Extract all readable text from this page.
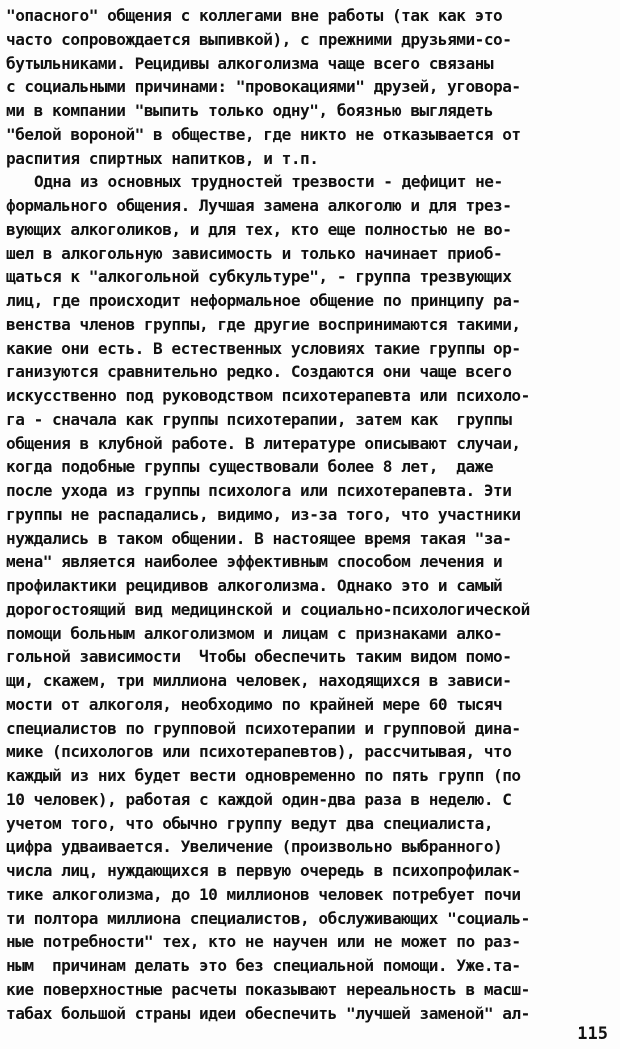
"опасного" общения с коллегами вне работы (так как это
часто сопровождается выпивкой), с прежними друзьями-со-
бутыльниками. Рецидивы алкоголизма чаще всего связаны
с социальными причинами: "провокациями" друзей, уговора-
ми в компании "выпить только одну", боязнью выглядеть
"белой вороной" в обществе, где никто не отказывается от
распития спиртных напитков, и т.п.
Одна из основных трудностей трезвости - дефицит не-
формального общения. Лучшая замена алкоголю и для трез-
вующих алкоголиков, и для тех, кто еще полностью не во-
шел в алкогольную зависимость и только начинает приоб-
щаться к "алкогольной субкультуре", - группа трезвующих
лиц, где происходит неформальное общение по принципу ра-
венства членов группы, где другие воспринимаются такими,
какие они есть. В естественных условиях такие группы ор-
ганизуются сравнительно редко. Создаются они чаще всего
искусственно под руководством психотерапевта или психоло-
га - сначала как группы психотерапии, затем как  группы
общения в клубной работе. В литературе описывают случаи,
когда подобные группы существовали более 8 лет,  даже
после ухода из группы психолога или психотерапевта. Эти
группы не распадались, видимо, из-за того, что участники
нуждались в таком общении. В настоящее время такая "за-
мена" является наиболее эффективным способом лечения и
профилактики рецидивов алкоголизма. Однако это и самый
дорогостоящий вид медицинской и социально-психологической
помощи больным алкоголизмом и лицам с признаками алко-
гольной зависимости  Чтобы обеспечить таким видом помо-
щи, скажем, три миллиона человек, находящихся в зависи-
мости от алкоголя, необходимо по крайней мере 60 тысяч
специалистов по групповой психотерапии и групповой дина-
мике (психологов или психотерапевтов), рассчитывая, что
каждый из них будет вести одновременно по пять групп (по
10 человек), работая с каждой один-два раза в неделю. С
учетом того, что обычно группу ведут два специалиста,
цифра удваивается. Увеличение (произвольно выбранного)
числа лиц, нуждающихся в первую очередь в психопрофилак-
тике алкоголизма, до 10 миллионов человек потребует почи
ти полтора миллиона специалистов, обслуживающих "социаль-
ные потребности" тех, кто не научен или не может по раз-
ным  причинам делать это без специальной помощи. Уже.та-
кие поверхностные расчеты показывают нереальность в масш-
табах большой страны идеи обеспечить "лучшей заменой" ал-
115
